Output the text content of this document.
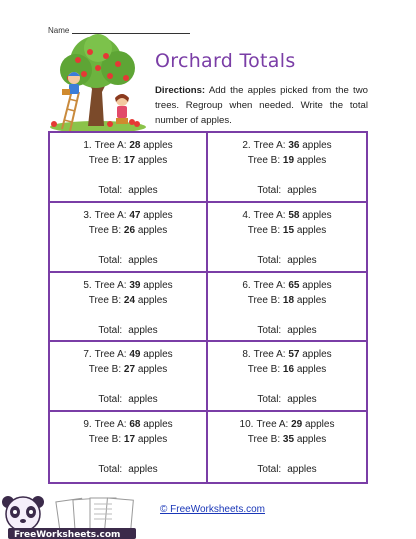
Name
Orchard Totals
Directions: Add the apples picked from the two trees. Regroup when needed. Write the total number of apples.
1. Tree A: 28 apples
Tree B: 17 apples
Total: apples
2. Tree A: 36 apples
Tree B: 19 apples
Total: apples
3. Tree A: 47 apples
Tree B: 26 apples
Total: apples
4. Tree A: 58 apples
Tree B: 15 apples
Total: apples
5. Tree A: 39 apples
Tree B: 24 apples
Total: apples
6. Tree A: 65 apples
Tree B: 18 apples
Total: apples
7. Tree A: 49 apples
Tree B: 27 apples
Total: apples
8. Tree A: 57 apples
Tree B: 16 apples
Total: apples
9. Tree A: 68 apples
Tree B: 17 apples
Total: apples
10. Tree A: 29 apples
Tree B: 35 apples
Total: apples
FreeWorksheets.com
© FreeWorksheets.com
